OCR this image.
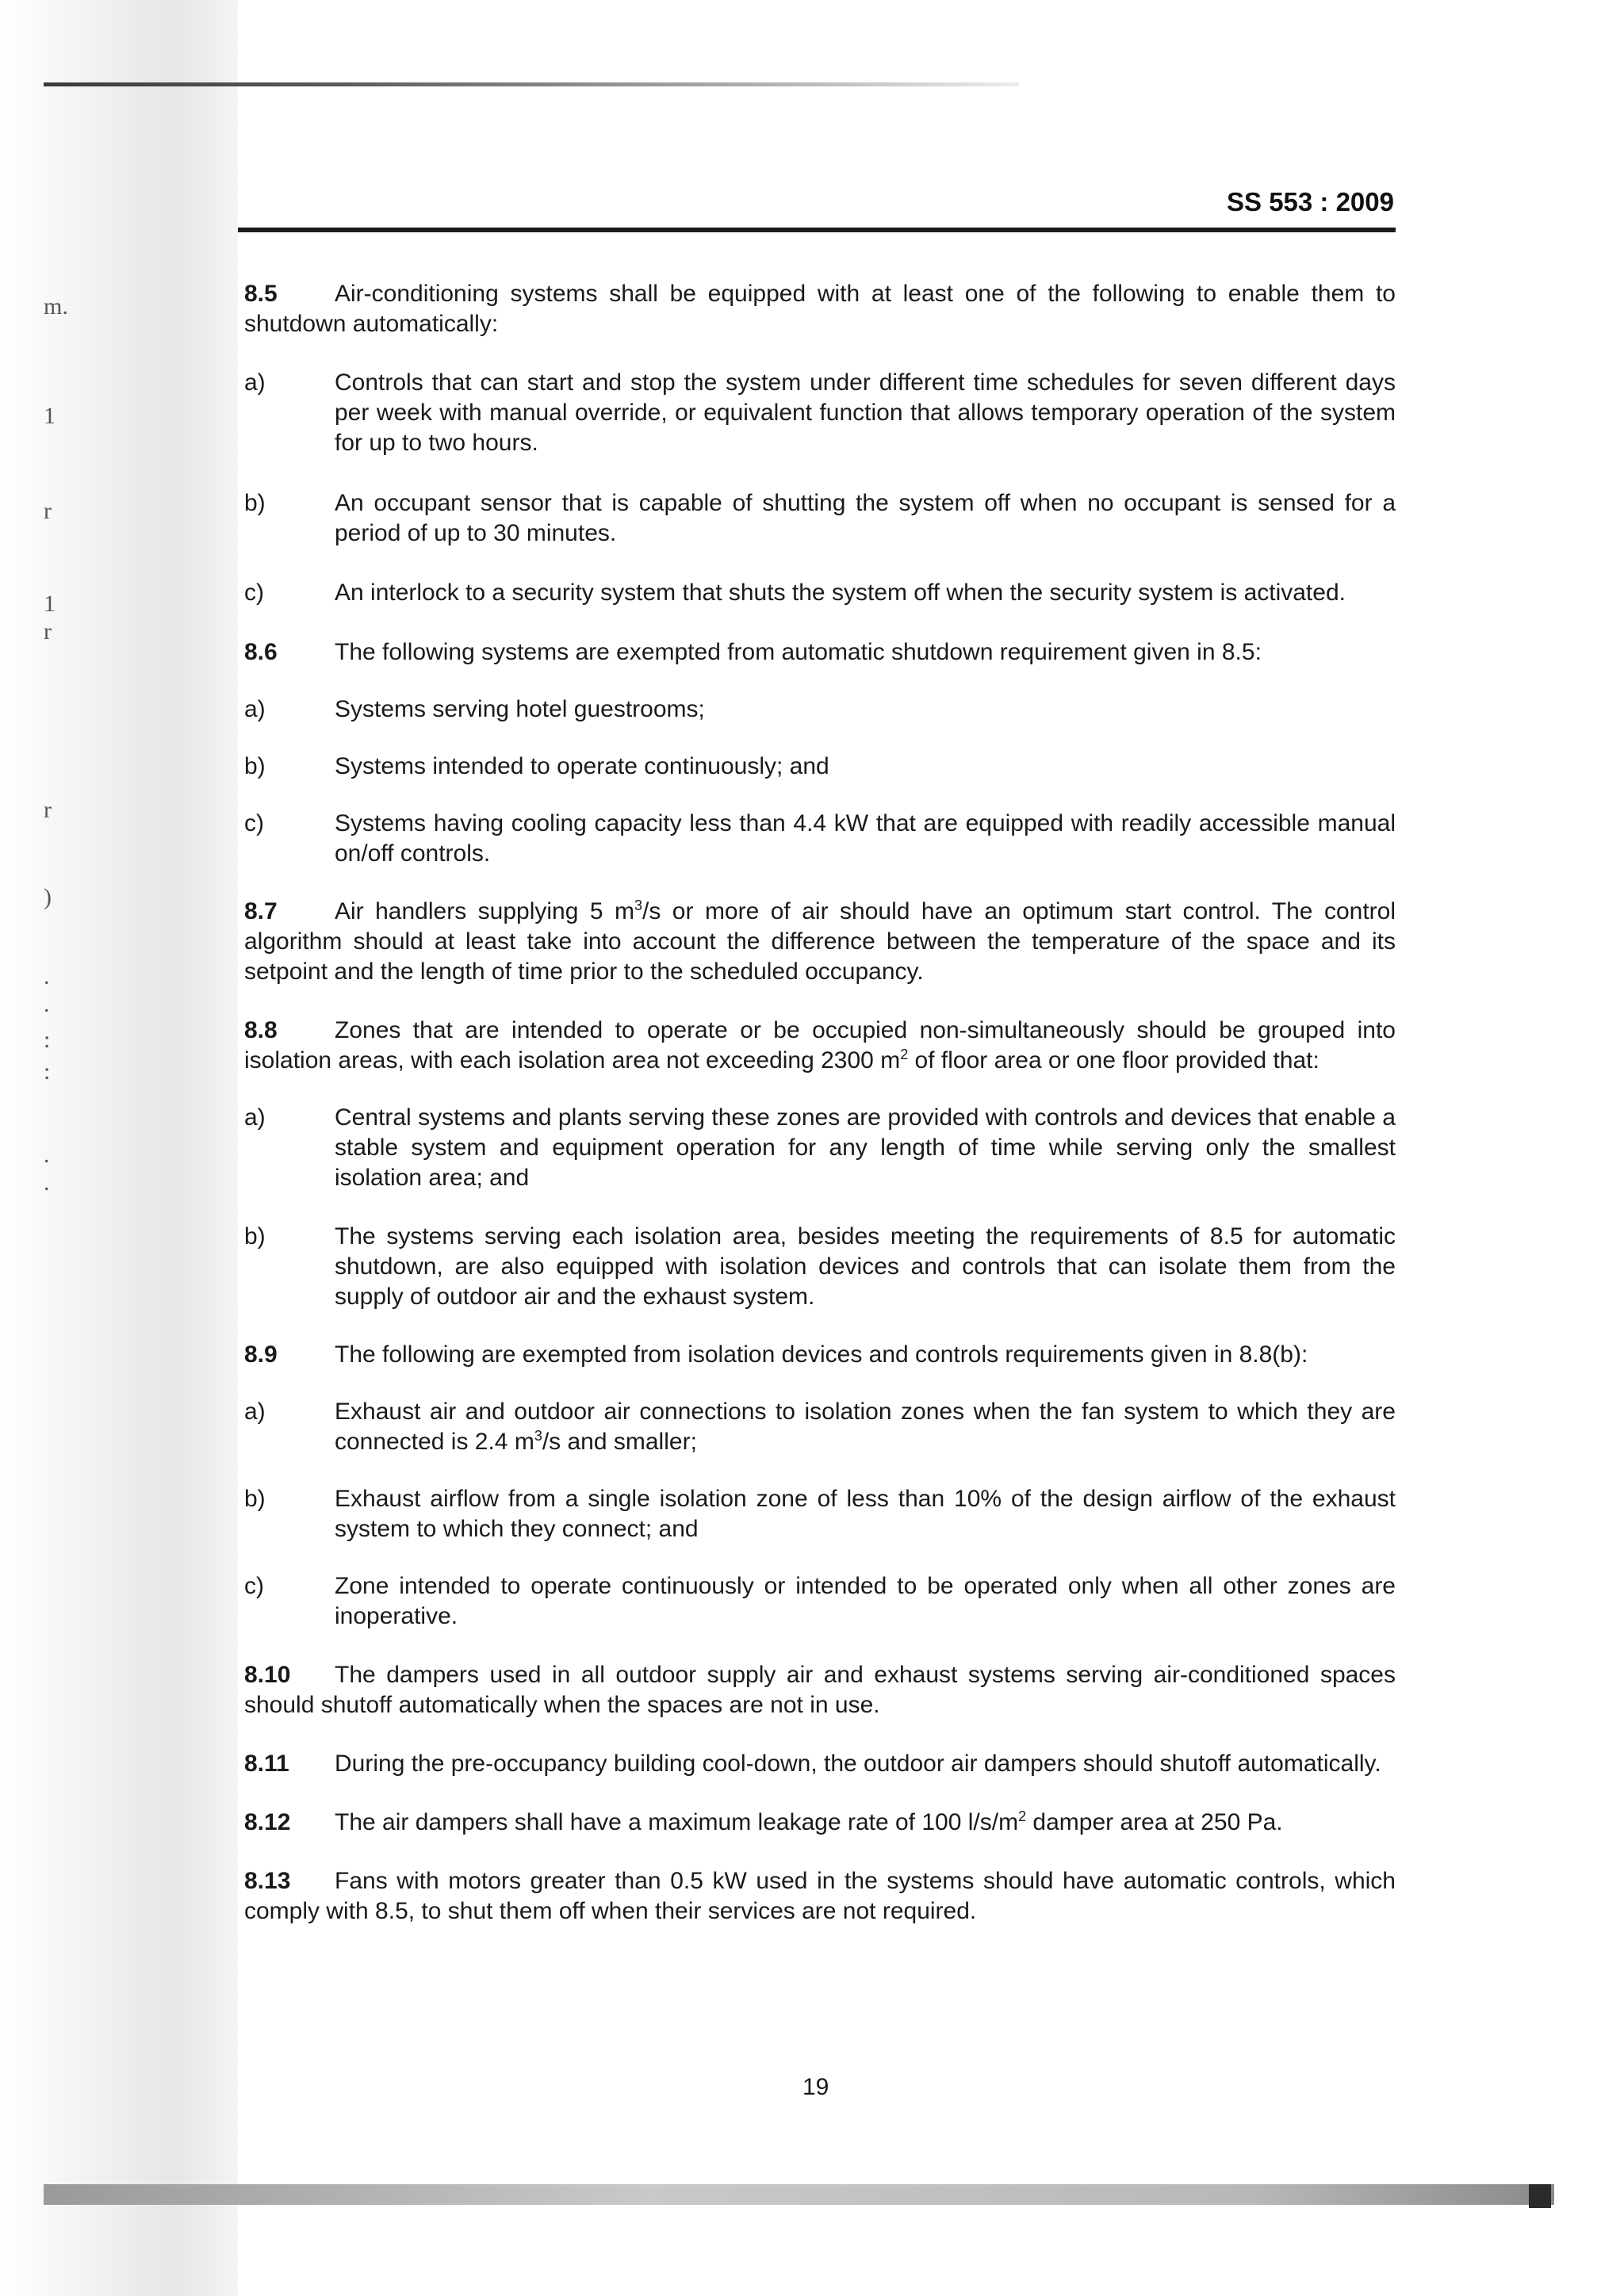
m.
1
r
1
r
r
)
.
.
:
:
.
.
SS 553 : 2009

8.5 Air-conditioning systems shall be equipped with at least one of the following to enable them to shutdown automatically:

a)	Controls that can start and stop the system under different time schedules for seven different days per week with manual override, or equivalent function that allows temporary operation of the system for up to two hours.
b)	An occupant sensor that is capable of shutting the system off when no occupant is sensed for a period of up to 30 minutes.
c)	An interlock to a security system that shuts the system off when the security system is activated.

8.6 The following systems are exempted from automatic shutdown requirement given in 8.5:

a)	Systems serving hotel guestrooms;
b)	Systems intended to operate continuously; and
c)	Systems having cooling capacity less than 4.4 kW that are equipped with readily accessible manual on/off controls.

8.7 Air handlers supplying 5 $m^3/s$ or more of air should have an optimum start control. The control algorithm should at least take into account the difference between the temperature of the space and its setpoint and the length of time prior to the scheduled occupancy.

8.8 Zones that are intended to operate or be occupied non-simultaneously should be grouped into isolation areas, with each isolation area not exceeding 2300 $m^2$ of floor area or one floor provided that:

a)	Central systems and plants serving these zones are provided with controls and devices that enable a stable system and equipment operation for any length of time while serving only the smallest isolation area; and
b)	The systems serving each isolation area, besides meeting the requirements of 8.5 for automatic shutdown, are also equipped with isolation devices and controls that can isolate them from the supply of outdoor air and the exhaust system.

8.9 The following are exempted from isolation devices and controls requirements given in 8.8(b):

a)	Exhaust air and outdoor air connections to isolation zones when the fan system to which they are connected is 2.4 $m^3/s$ and smaller;
b)	Exhaust airflow from a single isolation zone of less than 10% of the design airflow of the exhaust system to which they connect; and
c)	Zone intended to operate continuously or intended to be operated only when all other zones are inoperative.

8.10 The dampers used in all outdoor supply air and exhaust systems serving air-conditioned spaces should shutoff automatically when the spaces are not in use.

8.11 During the pre-occupancy building cool-down, the outdoor air dampers should shutoff automatically.

8.12 The air dampers shall have a maximum leakage rate of 100 $l/s/m^2$ damper area at 250 Pa.

8.13 Fans with motors greater than 0.5 kW used in the systems should have automatic controls, which comply with 8.5, to shut them off when their services are not required.

19
